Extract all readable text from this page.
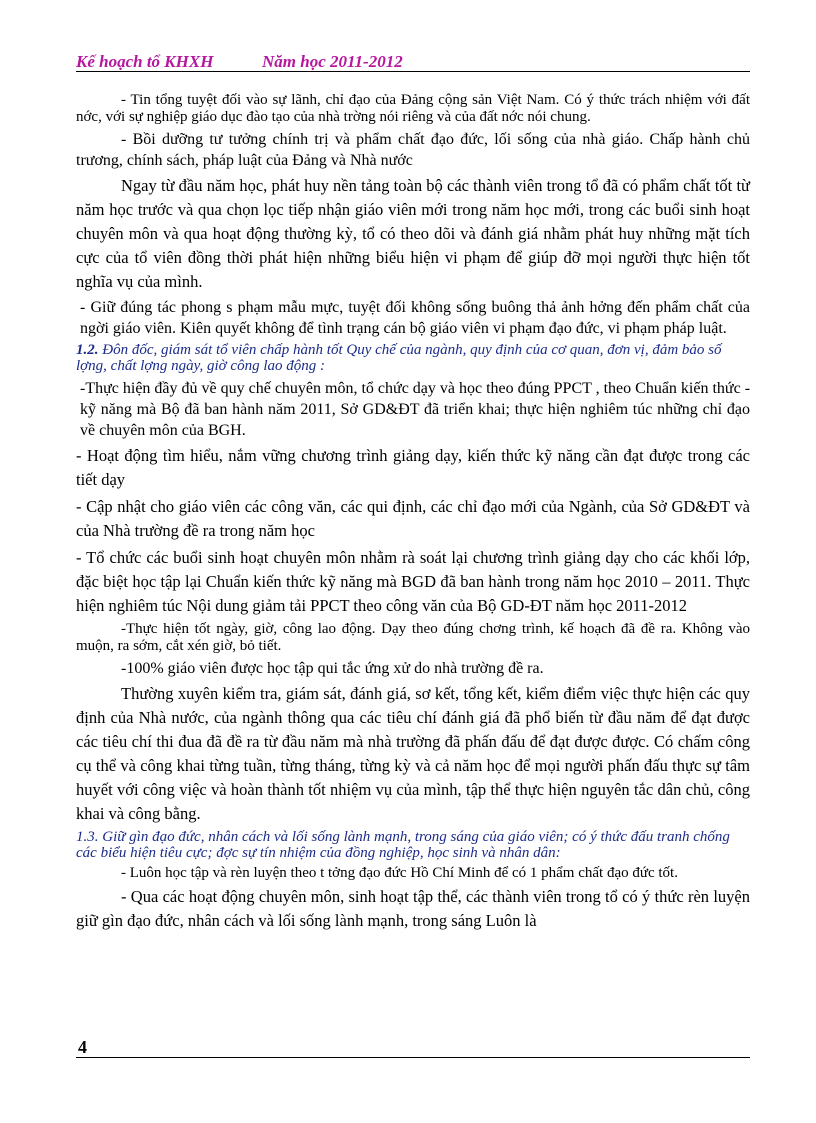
Kế hoạch tổ KHXH	Năm học 2011-2012

- Tin tổng tuyệt đối vào sự lãnh, chỉ đạo của Đảng cộng sản Việt Nam. Có ý thức trách nhiệm với đất nớc, với sự nghiệp giáo dục đào tạo của nhà trờng nói riêng và của đất nớc nói chung.

- Bồi dưỡng tư tưởng chính trị và phẩm chất đạo đức, lối sống của nhà giáo. Chấp hành chủ trương, chính sách, pháp luật của Đảng và Nhà nước

Ngay từ đầu năm học, phát huy nền tảng toàn bộ các thành viên trong tổ đã có phẩm chất tốt từ năm học trước và qua chọn lọc tiếp nhận giáo viên mới trong năm học mới, trong các buổi sinh hoạt chuyên môn và qua hoạt động thường kỳ, tổ có theo dõi và đánh giá nhằm phát huy những mặt tích cực của tổ viên đồng thời phát hiện những biểu hiện vi phạm để giúp đỡ mọi người thực hiện tốt nghĩa vụ của mình.

- Giữ đúng tác phong s phạm mẫu mực, tuyệt đối không sống buông thả ảnh hởng đến phẩm chất của ngời giáo viên. Kiên quyết không để tình trạng cán bộ giáo viên vi phạm đạo đức, vi phạm pháp luật.

1.2. Đôn đốc, giám sát tổ viên chấp hành tốt Quy chế của ngành, quy định của cơ quan, đơn vị, đảm bảo số lợng, chất lợng ngày, giờ công lao động :

-Thực hiện đầy đủ về quy chế chuyên môn, tổ chức dạy và học theo đúng PPCT , theo Chuẩn kiến thức - kỹ năng mà Bộ đã ban hành năm 2011, Sở GD&ĐT đã triển khai; thực hiện nghiêm túc những chỉ đạo về chuyên môn của BGH.

- Hoạt động tìm hiểu, nắm vững chương trình giảng dạy, kiến thức kỹ năng cần đạt được trong các tiết dạy

- Cập nhật cho giáo viên các công văn, các qui định, các chỉ đạo mới của Ngành, của Sở GD&ĐT và của Nhà trường đề ra trong năm học

- Tổ chức các buổi sinh hoạt chuyên môn nhằm rà soát lại chương trình giảng dạy cho các khối lớp, đặc biệt học tập lại Chuẩn kiến thức kỹ năng mà BGD đã ban hành trong năm học 2010 – 2011. Thực hiện nghiêm túc Nội dung giảm tải PPCT theo công văn của Bộ GD-ĐT năm học 2011-2012

-Thực hiện tốt ngày, giờ, công lao động. Dạy theo đúng chơng trình, kế hoạch đã đề ra. Không vào muộn, ra sớm, cắt xén giờ, bỏ tiết.

-100% giáo viên được học tập qui tắc ứng xử do nhà trường đề ra.

Thường xuyên kiểm tra, giám sát, đánh giá, sơ kết, tổng kết, kiểm điểm việc thực hiện các quy định của Nhà nước, của ngành thông qua các tiêu chí đánh giá đã phổ biến từ đầu năm để đạt được các tiêu chí thi đua đã đề ra từ đầu năm mà nhà trường đã phấn đấu để đạt được được. Có chấm công cụ thể và công khai từng tuần, từng tháng, từng kỳ và cả năm học để mọi người phấn đấu thực sự tâm huyết với công việc và hoàn thành tốt nhiệm vụ của mình, tập thể thực hiện nguyên tắc dân chủ, công khai và công bằng.

1.3. Giữ gìn đạo đức, nhân cách và lối sống lành mạnh, trong sáng của giáo viên; có ý thức đấu tranh chống các biểu hiện tiêu cực; đợc sự tín nhiệm của đồng nghiệp, học sinh và nhân dân:

- Luôn học tập và rèn luyện theo t tởng đạo đức Hồ Chí Minh để có 1 phẩm chất đạo đức tốt.

- Qua các hoạt động chuyên môn, sinh hoạt tập thể, các thành viên trong tổ có ý thức rèn luyện giữ gìn đạo đức, nhân cách và lối sống lành mạnh, trong sáng Luôn là

4
